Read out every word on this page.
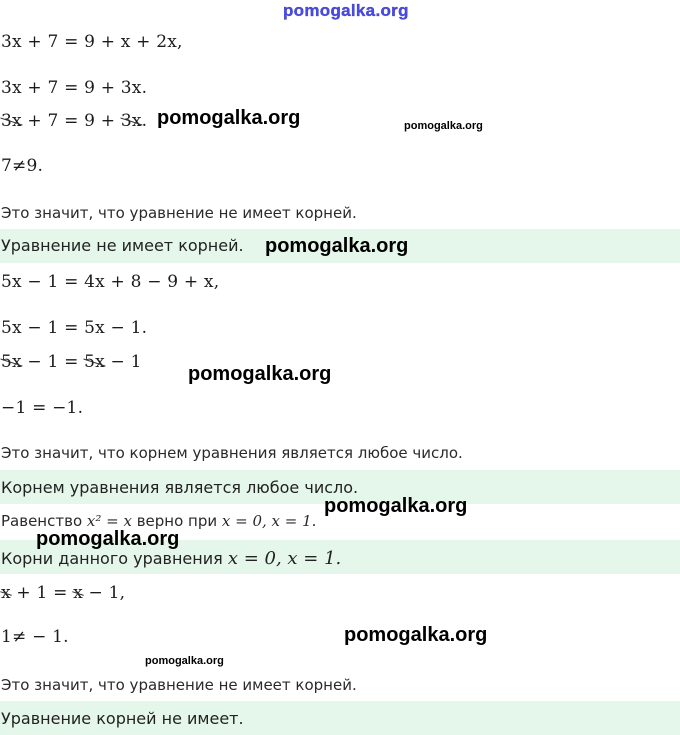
pomogalka.org
3x + 7 = 9 + x + 2x,
3x + 7 = 9 + 3x.
3x + 7 = 9 + 3x. pomogalka.org	pomogalka.org
7≠9.
Это значит, что уравнение не имеет корней.
Уравнение не имеет корней. pomogalka.org
5x − 1 = 4x + 8 − 9 + x,
5x − 1 = 5x − 1.
5x − 1 = 5x − 1
pomogalka.org
−1 = −1.
Это значит, что корнем уравнения является любое число.
Корнем уравнения является любое число.
pomogalka.org
Равенство x² = x верно при x = 0, x = 1.
Корни данного уравнения x = 0, x = 1.
pomogalka.org
x + 1 = x − 1,
1≠ − 1.	pomogalka.org
pomogalka.org
Это значит, что уравнение не имеет корней.
Уравнение корней не имеет.
